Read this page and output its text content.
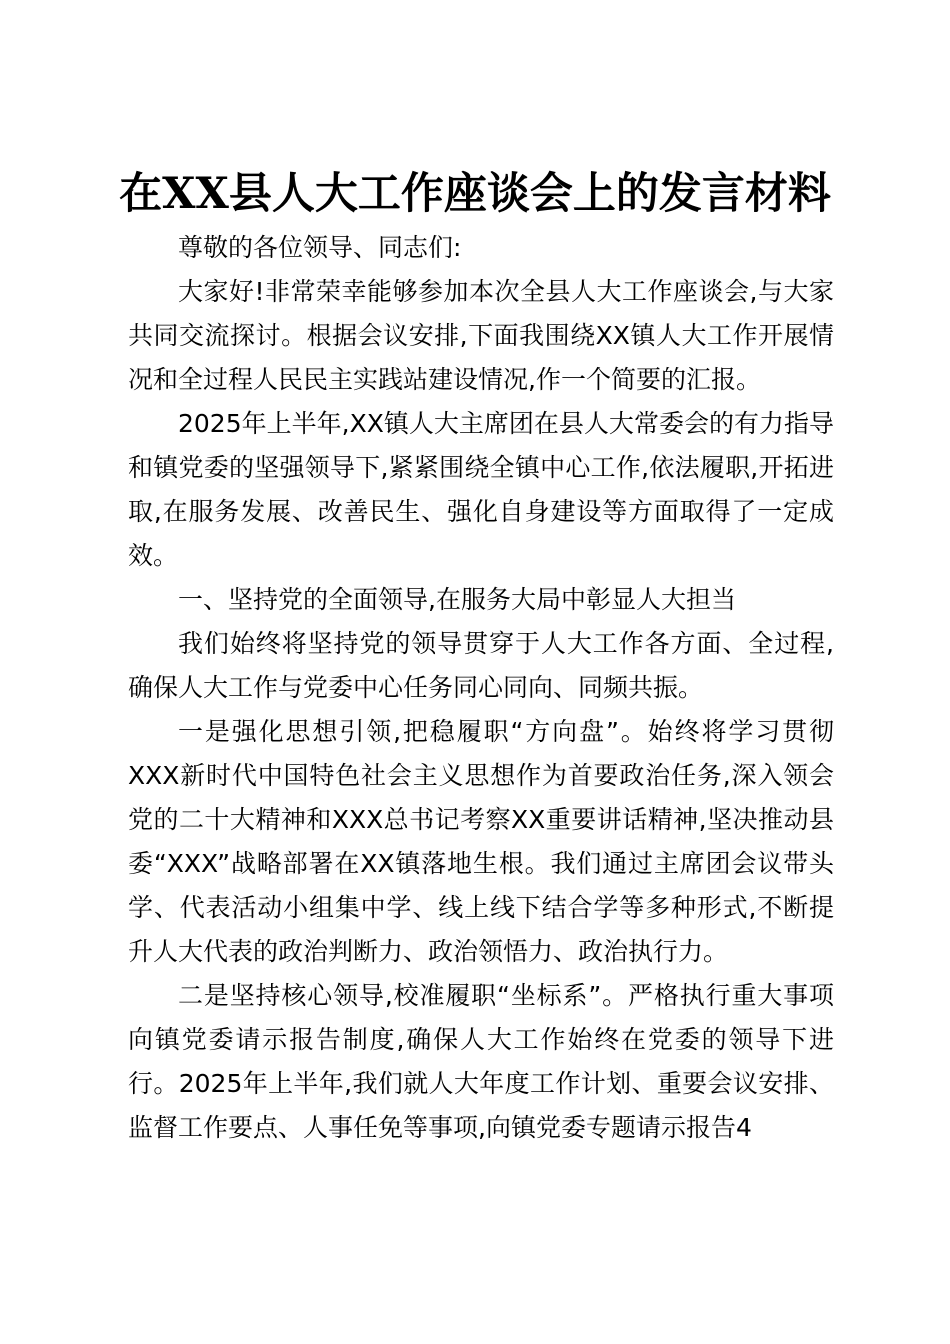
在XX县人大工作座谈会上的发言材料

尊敬的各位领导、同志们:

大家好!非常荣幸能够参加本次全县人大工作座谈会,与大家共同交流探讨。根据会议安排,下面我围绕XX镇人大工作开展情况和全过程人民民主实践站建设情况,作一个简要的汇报。

2025年上半年,XX镇人大主席团在县人大常委会的有力指导和镇党委的坚强领导下,紧紧围绕全镇中心工作,依法履职,开拓进取,在服务发展、改善民生、强化自身建设等方面取得了一定成效。

一、坚持党的全面领导,在服务大局中彰显人大担当

我们始终将坚持党的领导贯穿于人大工作各方面、全过程,确保人大工作与党委中心任务同心同向、同频共振。

一是强化思想引领,把稳履职“方向盘”。始终将学习贯彻XXX新时代中国特色社会主义思想作为首要政治任务,深入领会党的二十大精神和XXX总书记考察XX重要讲话精神,坚决推动县委“XXX”战略部署在XX镇落地生根。我们通过主席团会议带头学、代表活动小组集中学、线上线下结合学等多种形式,不断提升人大代表的政治判断力、政治领悟力、政治执行力。

二是坚持核心领导,校准履职“坐标系”。严格执行重大事项向镇党委请示报告制度,确保人大工作始终在党委的领导下进行。2025年上半年,我们就人大年度工作计划、重要会议安排、监督工作要点、人事任免等事项,向镇党委专题请示报告4
